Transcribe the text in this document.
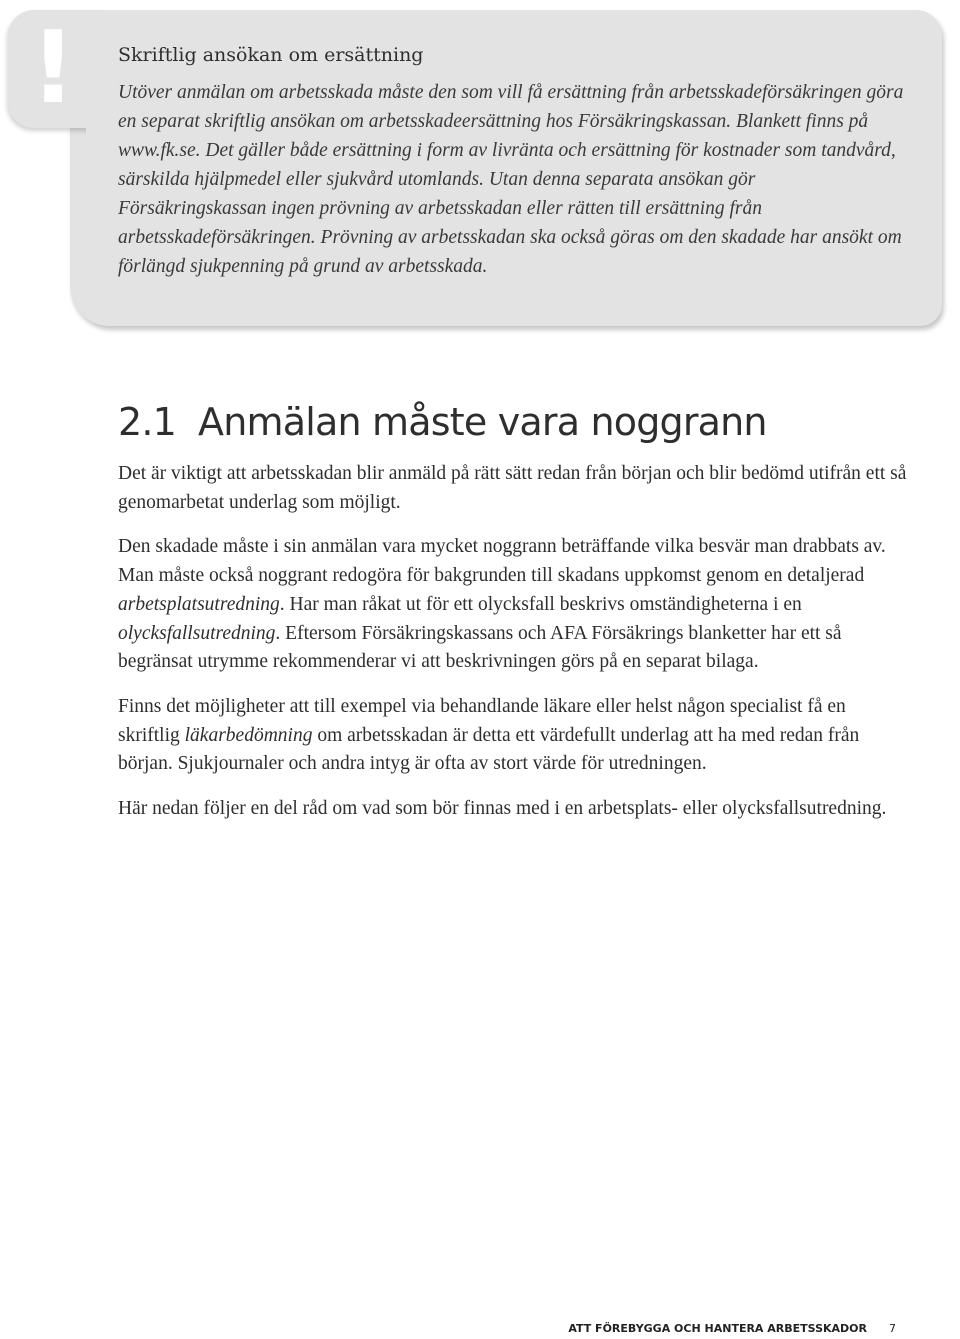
! Skriftlig ansökan om ersättning

Utöver anmälan om arbetsskada måste den som vill få ersättning från arbetsskadeförsäkringen göra en separat skriftlig ansökan om arbetsskadeersättning hos Försäkringskassan. Blankett finns på www.fk.se. Det gäller både ersättning i form av livränta och ersättning för kostnader som tandvård, särskilda hjälpmedel eller sjukvård utomlands. Utan denna separata ansökan gör Försäkringskassan ingen prövning av arbetsskadan eller rätten till ersättning från arbetsskadeförsäkringen. Prövning av arbetsskadan ska också göras om den skadade har ansökt om förlängd sjukpenning på grund av arbetsskada.

2.1 Anmälan måste vara noggrann

Det är viktigt att arbetsskadan blir anmäld på rätt sätt redan från början och blir bedömd utifrån ett så genomarbetat underlag som möjligt.

Den skadade måste i sin anmälan vara mycket noggrann beträffande vilka besvär man drabbats av. Man måste också noggrant redogöra för bakgrunden till skadans uppkomst genom en detaljerad arbetsplatsutredning. Har man råkat ut för ett olycksfall beskrivs omständigheterna i en olycksfallsutredning. Eftersom Försäkringskassans och AFA Försäkrings blanketter har ett så begränsat utrymme rekommenderar vi att beskrivningen görs på en separat bilaga.

Finns det möjligheter att till exempel via behandlande läkare eller helst någon specialist få en skriftlig läkarbedömning om arbetsskadan är detta ett värdefullt underlag att ha med redan från början. Sjukjournaler och andra intyg är ofta av stort värde för utredningen.

Här nedan följer en del råd om vad som bör finnas med i en arbetsplats- eller olycksfallsutredning.

ATT FÖREBYGGA OCH HANTERA ARBETSSKADOR 7
